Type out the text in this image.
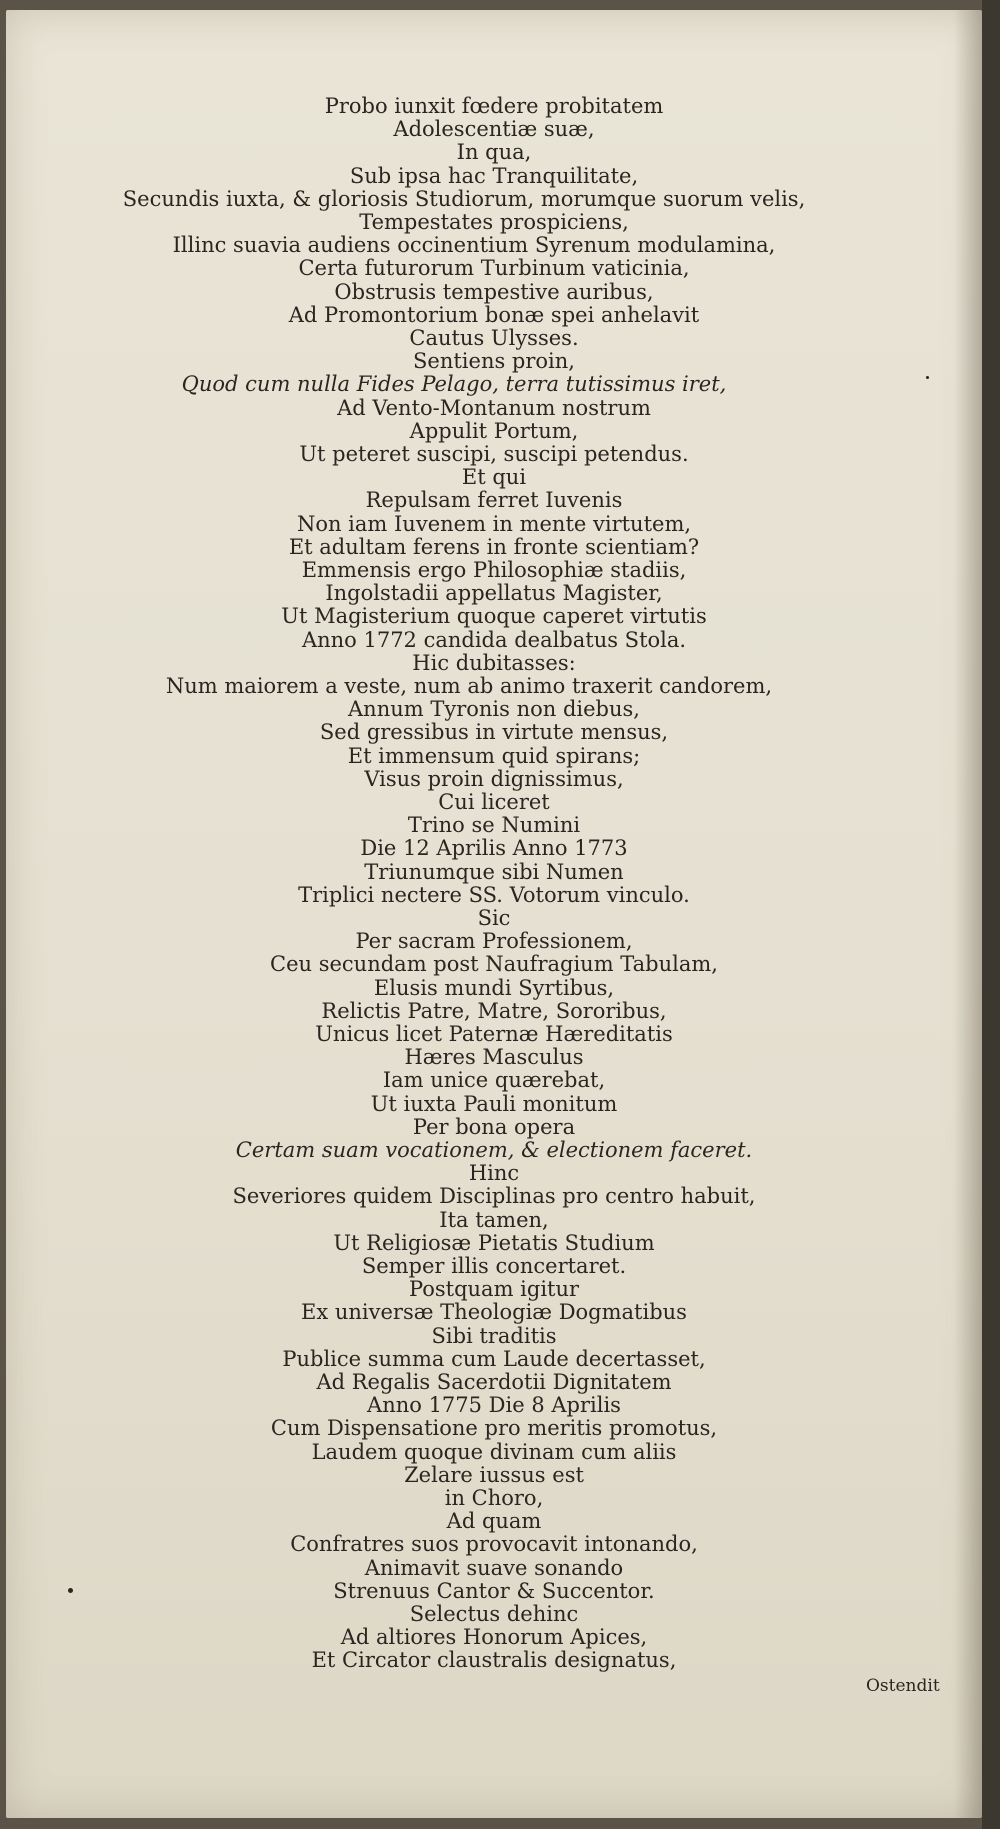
Probo iunxit fœdere probitatem
Adolescentiæ suæ,
In qua,
Sub ipsa hac Tranquilitate,
Secundis iuxta, & gloriosis Studiorum, morumque suorum velis,
Tempestates prospiciens,
Illinc suavia audiens occinentium Syrenum modulamina,
Certa futurorum Turbinum vaticinia,
Obstrusis tempestive auribus,
Ad Promontorium bonæ spei anhelavit
Cautus Ulysses.
Sentiens proin,
Quod cum nulla Fides Pelago, terra tutissimus iret,
Ad Vento-Montanum nostrum
Appulit Portum,
Ut peteret suscipi, suscipi petendus.
Et qui
Repulsam ferret Iuvenis
Non iam Iuvenem in mente virtutem,
Et adultam ferens in fronte scientiam?
Emmensis ergo Philosophiæ stadiis,
Ingolstadii appellatus Magister,
Ut Magisterium quoque caperet virtutis
Anno 1772 candida dealbatus Stola.
Hic dubitasses:
Num maiorem a veste, num ab animo traxerit candorem,
Annum Tyronis non diebus,
Sed gressibus in virtute mensus,
Et immensum quid spirans;
Visus proin dignissimus,
Cui liceret
Trino se Numini
Die 12 Aprilis Anno 1773
Triunumque sibi Numen
Triplici nectere SS. Votorum vinculo.
Sic
Per sacram Professionem,
Ceu secundam post Naufragium Tabulam,
Elusis mundi Syrtibus,
Relictis Patre, Matre, Sororibus,
Unicus licet Paternæ Hæreditatis
Hæres Masculus
Iam unice quærebat,
Ut iuxta Pauli monitum
Per bona opera
Certam suam vocationem, & electionem faceret.
Hinc
Severiores quidem Disciplinas pro centro habuit,
Ita tamen,
Ut Religiosæ Pietatis Studium
Semper illis concertaret.
Postquam igitur
Ex universæ Theologiæ Dogmatibus
Sibi traditis
Publice summa cum Laude decertasset,
Ad Regalis Sacerdotii Dignitatem
Anno 1775 Die 8 Aprilis
Cum Dispensatione pro meritis promotus,
Laudem quoque divinam cum aliis
Zelare iussus est
in Choro,
Ad quam
Confratres suos provocavit intonando,
Animavit suave sonando
Strenuus Cantor & Succentor.
Selectus dehinc
Ad altiores Honorum Apices,
Et Circator claustralis designatus,
Ostendit
